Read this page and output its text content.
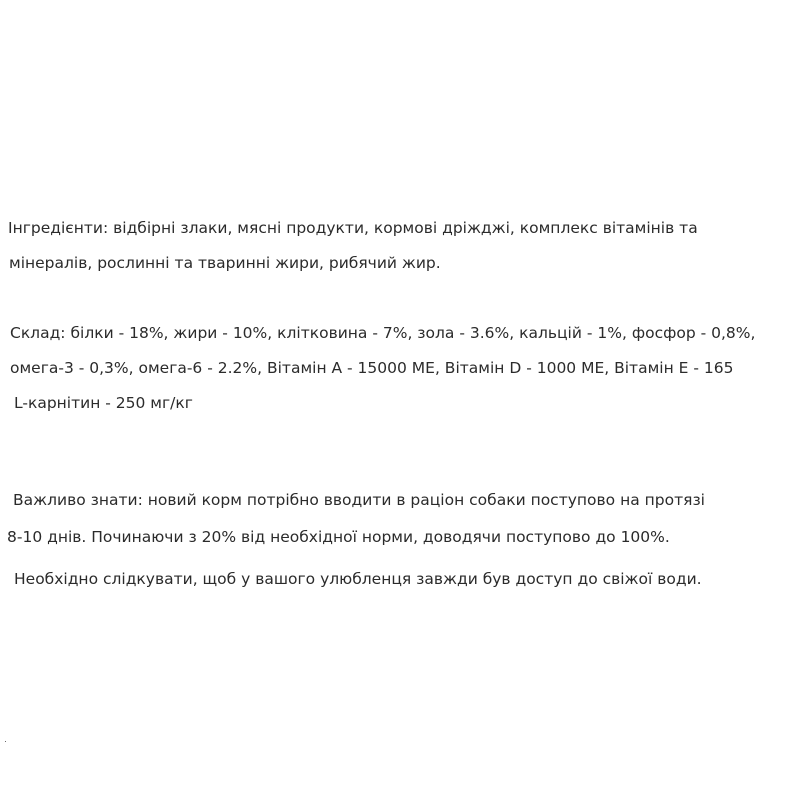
Інгредієнти: відбірні злаки, мясні продукти, кормові дріжджі, комплекс вітамінів та
мінералів, рослинні та тваринні жири, рибячий жир.
Склад: білки - 18%, жири - 10%, клітковина - 7%, зола - 3.6%, кальцій - 1%, фосфор - 0,8%,
омега-3 - 0,3%, омега-6 - 2.2%, Вітамін А - 15000 МЕ, Вітамін D - 1000 МЕ, Вітамін Е - 165
L-карнітин - 250 мг/кг
Важливо знати: новий корм потрібно вводити в раціон собаки поступово на протязі
8-10 днів. Починаючи з 20% від необхідної норми, доводячи поступово до 100%.
Необхідно слідкувати, щоб у вашого улюбленця завжди був доступ до свіжої води.
